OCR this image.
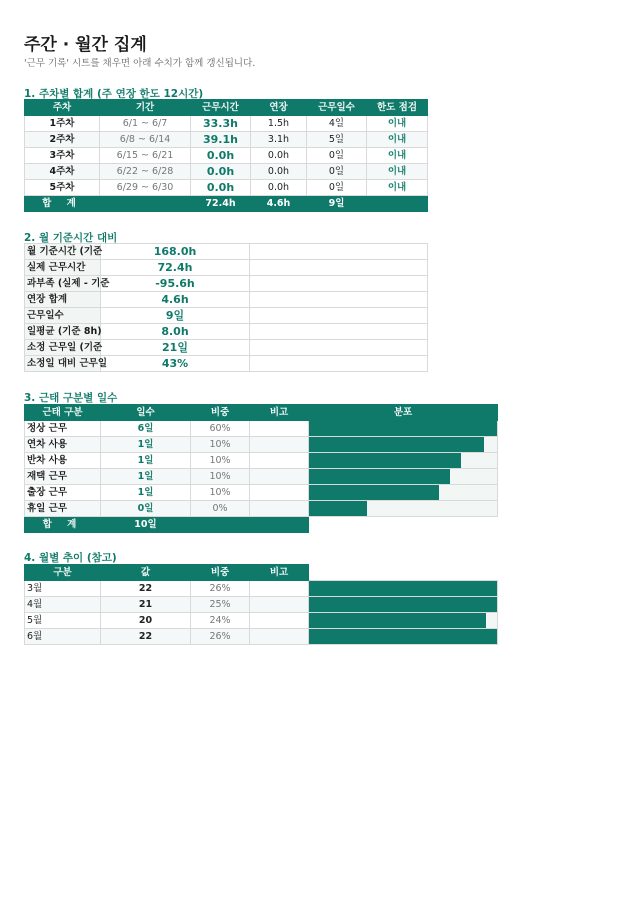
주간 · 월간 집계
'근무 기록' 시트를 채우면 아래 수치가 함께 갱신됩니다.
1. 주차별 합계 (주 연장 한도 12시간)
주차	기간	근무시간	연장	근무일수	한도 점검
1주차	6/1 ~ 6/7	33.3h	1.5h	4일	이내
2주차	6/8 ~ 6/14	39.1h	3.1h	5일	이내
3주차	6/15 ~ 6/21	0.0h	0.0h	0일	이내
4주차	6/22 ~ 6/28	0.0h	0.0h	0일	이내
5주차	6/29 ~ 6/30	0.0h	0.0h	0일	이내
합 계		72.4h	4.6h	9일	
2. 월 기준시간 대비
월 기준시간 (기준	168.0h	
실제 근무시간	72.4h	
과부족 (실제 - 기준	-95.6h	
연장 합계	4.6h	
근무일수	9일	
일평균 (기준 8h)	8.0h	
소정 근무일 (기준	21일	
소정일 대비 근무일	43%	
3. 근태 구분별 일수
근태 구분	일수	비중	비고	분포
정상 근무	6일	60%		

연차 사용	1일	10%		

반차 사용	1일	10%		

재택 근무	1일	10%		

출장 근무	1일	10%		

휴일 근무	0일	0%		

합 계	10일			
4. 월별 추이 (참고)
구분	값	비중	비고	
3월	22	26%		

4월	21	25%		

5월	20	24%		

6월	22	26%		
